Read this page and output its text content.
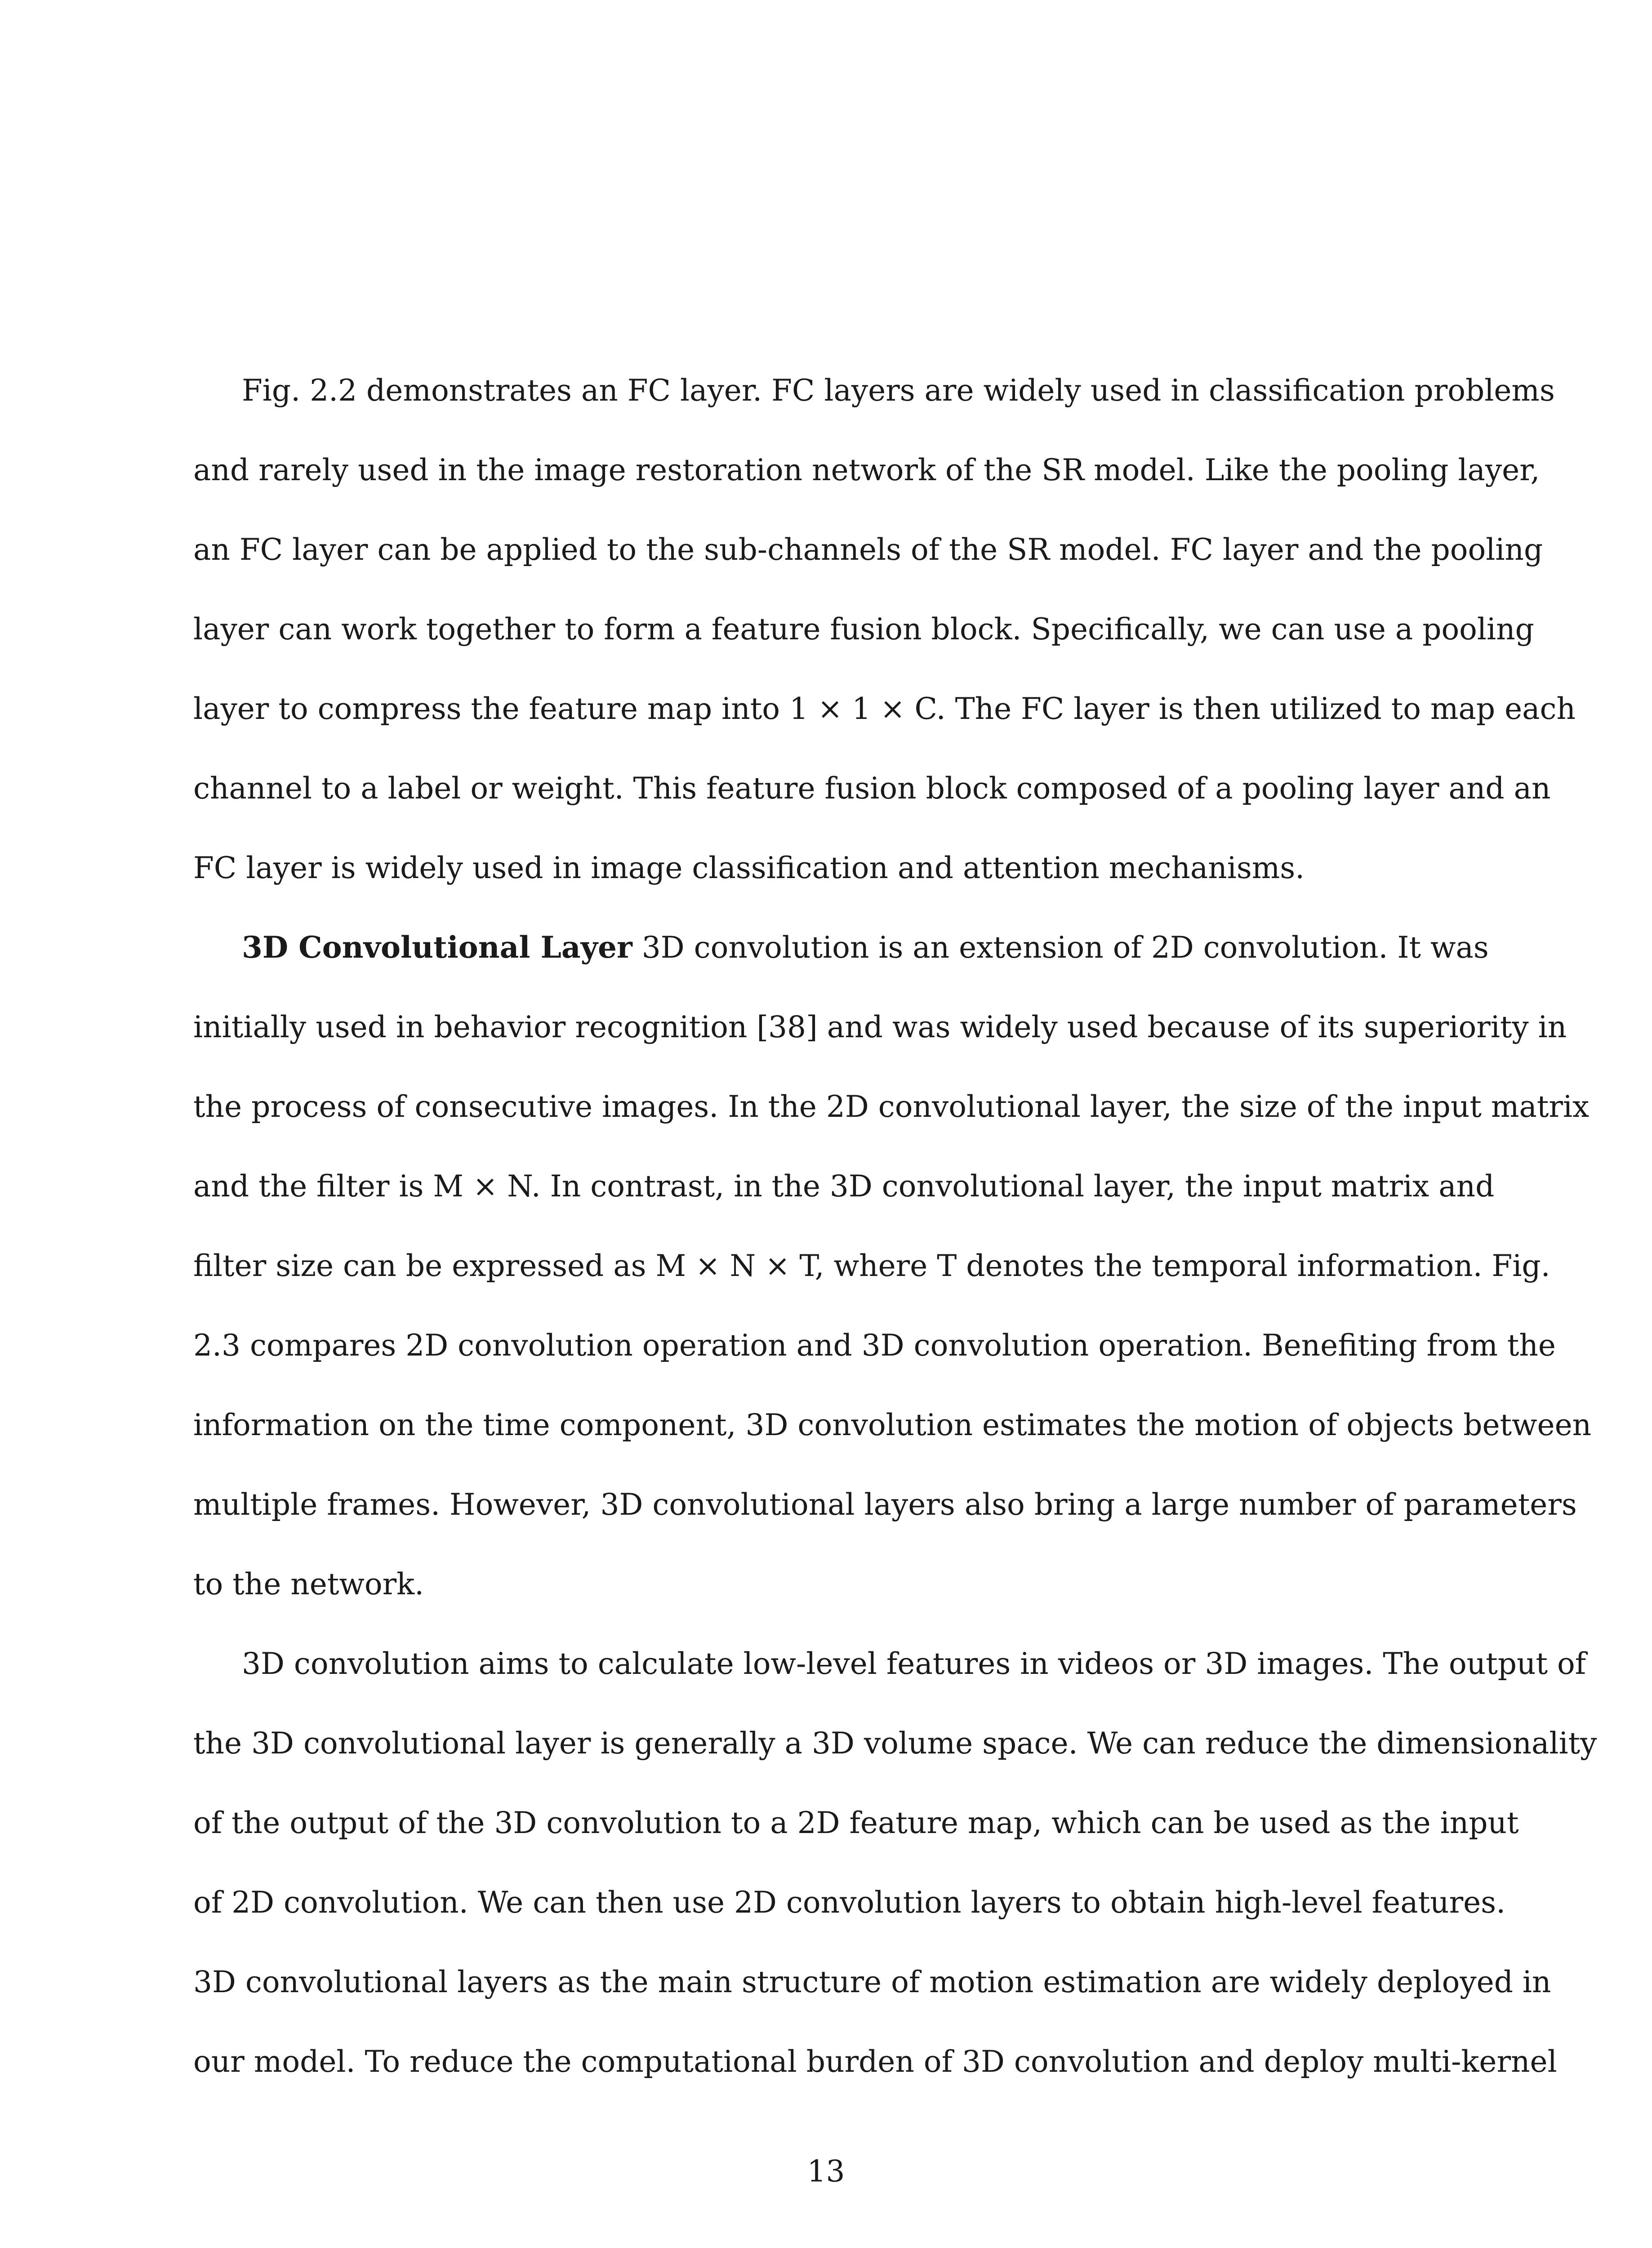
Fig. 2.2 demonstrates an FC layer. FC layers are widely used in classification problems
and rarely used in the image restoration network of the SR model. Like the pooling layer,
an FC layer can be applied to the sub-channels of the SR model. FC layer and the pooling
layer can work together to form a feature fusion block. Specifically, we can use a pooling
layer to compress the feature map into 1 × 1 × C. The FC layer is then utilized to map each
channel to a label or weight. This feature fusion block composed of a pooling layer and an
FC layer is widely used in image classification and attention mechanisms.
3D Convolutional Layer 3D convolution is an extension of 2D convolution. It was
initially used in behavior recognition [38] and was widely used because of its superiority in
the process of consecutive images. In the 2D convolutional layer, the size of the input matrix
and the filter is M × N. In contrast, in the 3D convolutional layer, the input matrix and
filter size can be expressed as M × N × T, where T denotes the temporal information. Fig.
2.3 compares 2D convolution operation and 3D convolution operation. Benefiting from the
information on the time component, 3D convolution estimates the motion of objects between
multiple frames. However, 3D convolutional layers also bring a large number of parameters
to the network.
3D convolution aims to calculate low-level features in videos or 3D images. The output of
the 3D convolutional layer is generally a 3D volume space. We can reduce the dimensionality
of the output of the 3D convolution to a 2D feature map, which can be used as the input
of 2D convolution. We can then use 2D convolution layers to obtain high-level features.
3D convolutional layers as the main structure of motion estimation are widely deployed in
our model. To reduce the computational burden of 3D convolution and deploy multi-kernel
13
